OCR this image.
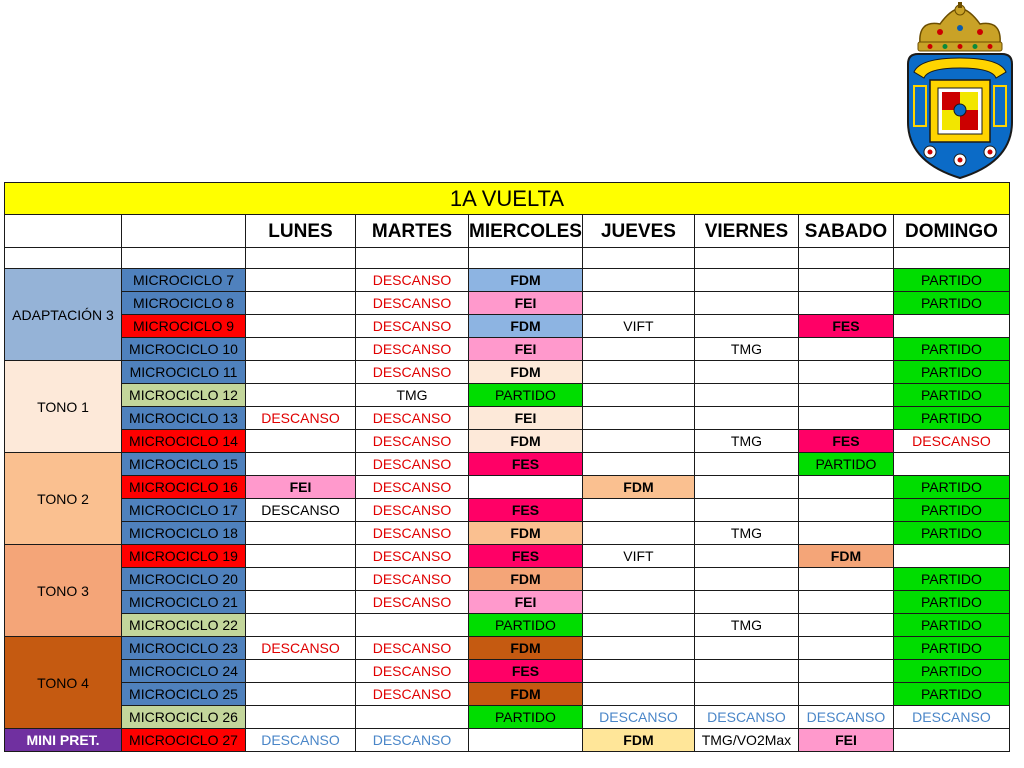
1A VUELTA								
		LUNES	MARTES	MIERCOLES	JUEVES	VIERNES	SABADO	DOMINGO

ADAPTACIÓN 3	MICROCICLO 7		DESCANSO	FDM				PARTIDO
	MICROCICLO 8		DESCANSO	FEI				PARTIDO
	MICROCICLO 9		DESCANSO	FDM	VIFT		FES	
	MICROCICLO 10		DESCANSO	FEI		TMG		PARTIDO
TONO 1	MICROCICLO 11		DESCANSO	FDM				PARTIDO
	MICROCICLO 12		TMG	PARTIDO				PARTIDO
	MICROCICLO 13	DESCANSO	DESCANSO	FEI				PARTIDO
	MICROCICLO 14		DESCANSO	FDM		TMG	FES	DESCANSO
TONO 2	MICROCICLO 15		DESCANSO	FES			PARTIDO	
	MICROCICLO 16	FEI	DESCANSO		FDM			PARTIDO
	MICROCICLO 17	DESCANSO	DESCANSO	FES				PARTIDO
	MICROCICLO 18		DESCANSO	FDM		TMG		PARTIDO
TONO 3	MICROCICLO 19		DESCANSO	FES	VIFT		FDM	
	MICROCICLO 20		DESCANSO	FDM				PARTIDO
	MICROCICLO 21		DESCANSO	FEI				PARTIDO
	MICROCICLO 22			PARTIDO		TMG		PARTIDO
TONO 4	MICROCICLO 23	DESCANSO	DESCANSO	FDM				PARTIDO
	MICROCICLO 24		DESCANSO	FES				PARTIDO
	MICROCICLO 25		DESCANSO	FDM				PARTIDO
	MICROCICLO 26			PARTIDO	DESCANSO	DESCANSO	DESCANSO	DESCANSO
MINI PRET.	MICROCICLO 27	DESCANSO	DESCANSO		FDM	TMG/VO2Max	FEI	
